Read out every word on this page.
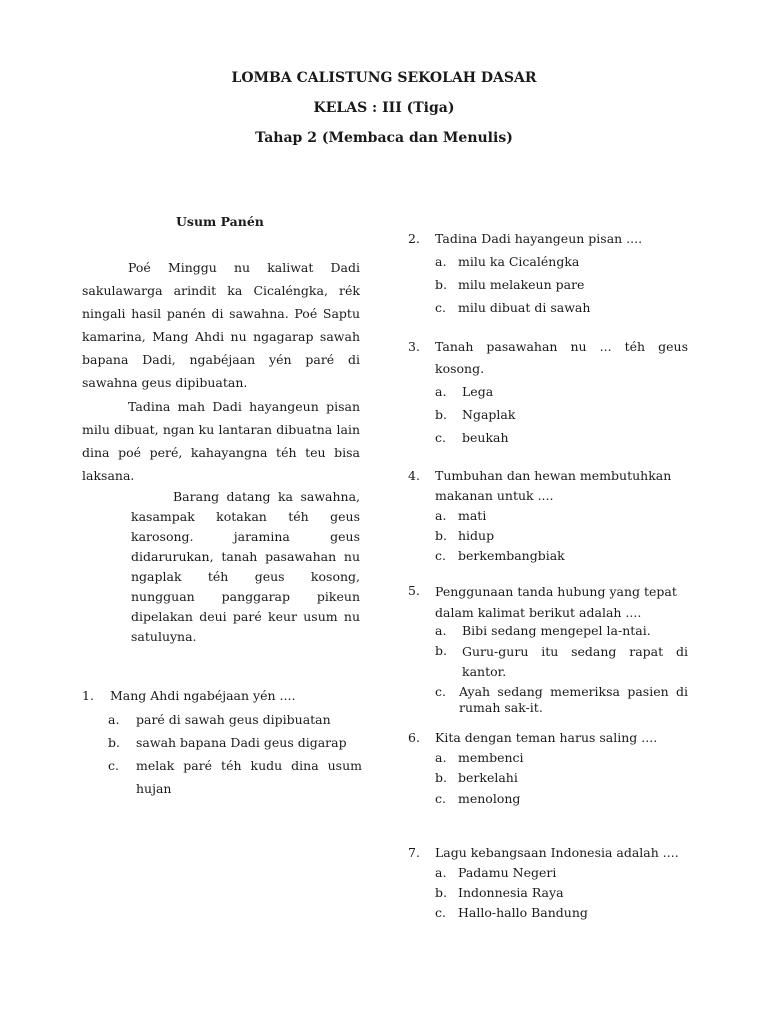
LOMBA CALISTUNG SEKOLAH DASAR
KELAS : III (Tiga)
Tahap 2 (Membaca dan Menulis)
Usum Panén
Poé Minggu nu kaliwat Dadi sakulawarga arindit ka Cicaléngka, rék ningali hasil panén di sawahna. Poé Saptu kamarina, Mang Ahdi nu ngagarap sawah bapana Dadi, ngabéjaan yén paré di sawahna geus dipibuatan.
Tadina mah Dadi hayangeun pisan milu dibuat, ngan ku lantaran dibuatna lain dina poé peré, kahayangna téh teu bisa laksana.
Barang datang ka sawahna, kasampak kotakan téh geus karosong. jaramina geus didarurukan, tanah pasawahan nu ngaplak téh geus kosong, nungguan panggarap pikeun dipelakan deui paré keur usum nu satuluyna.
1. Mang Ahdi ngabéjaan yén ....
a. paré di sawah geus dipibuatan
b. sawah bapana Dadi geus digarap
c. melak paré téh kudu dina usum hujan
2. Tadina Dadi hayangeun pisan ....
a. milu ka Cicaléngka
b. milu melakeun pare
c. milu dibuat di sawah
3. Tanah pasawahan nu ... téh geus kosong.
a. Lega
b. Ngaplak
c. beukah
4. Tumbuhan dan hewan membutuhkan makanan untuk ....
a. mati
b. hidup
c. berkembangbiak
5. Penggunaan tanda hubung yang tepat dalam kalimat berikut adalah ....
a. Bibi sedang mengepel la-ntai.
b. Guru-guru itu sedang rapat di kantor.
c. Ayah sedang memeriksa pasien di rumah sak-it.
6. Kita dengan teman harus saling ....
a. membenci
b. berkelahi
c. menolong
7. Lagu kebangsaan Indonesia adalah ....
a. Padamu Negeri
b. Indonnesia Raya
c. Hallo-hallo Bandung
